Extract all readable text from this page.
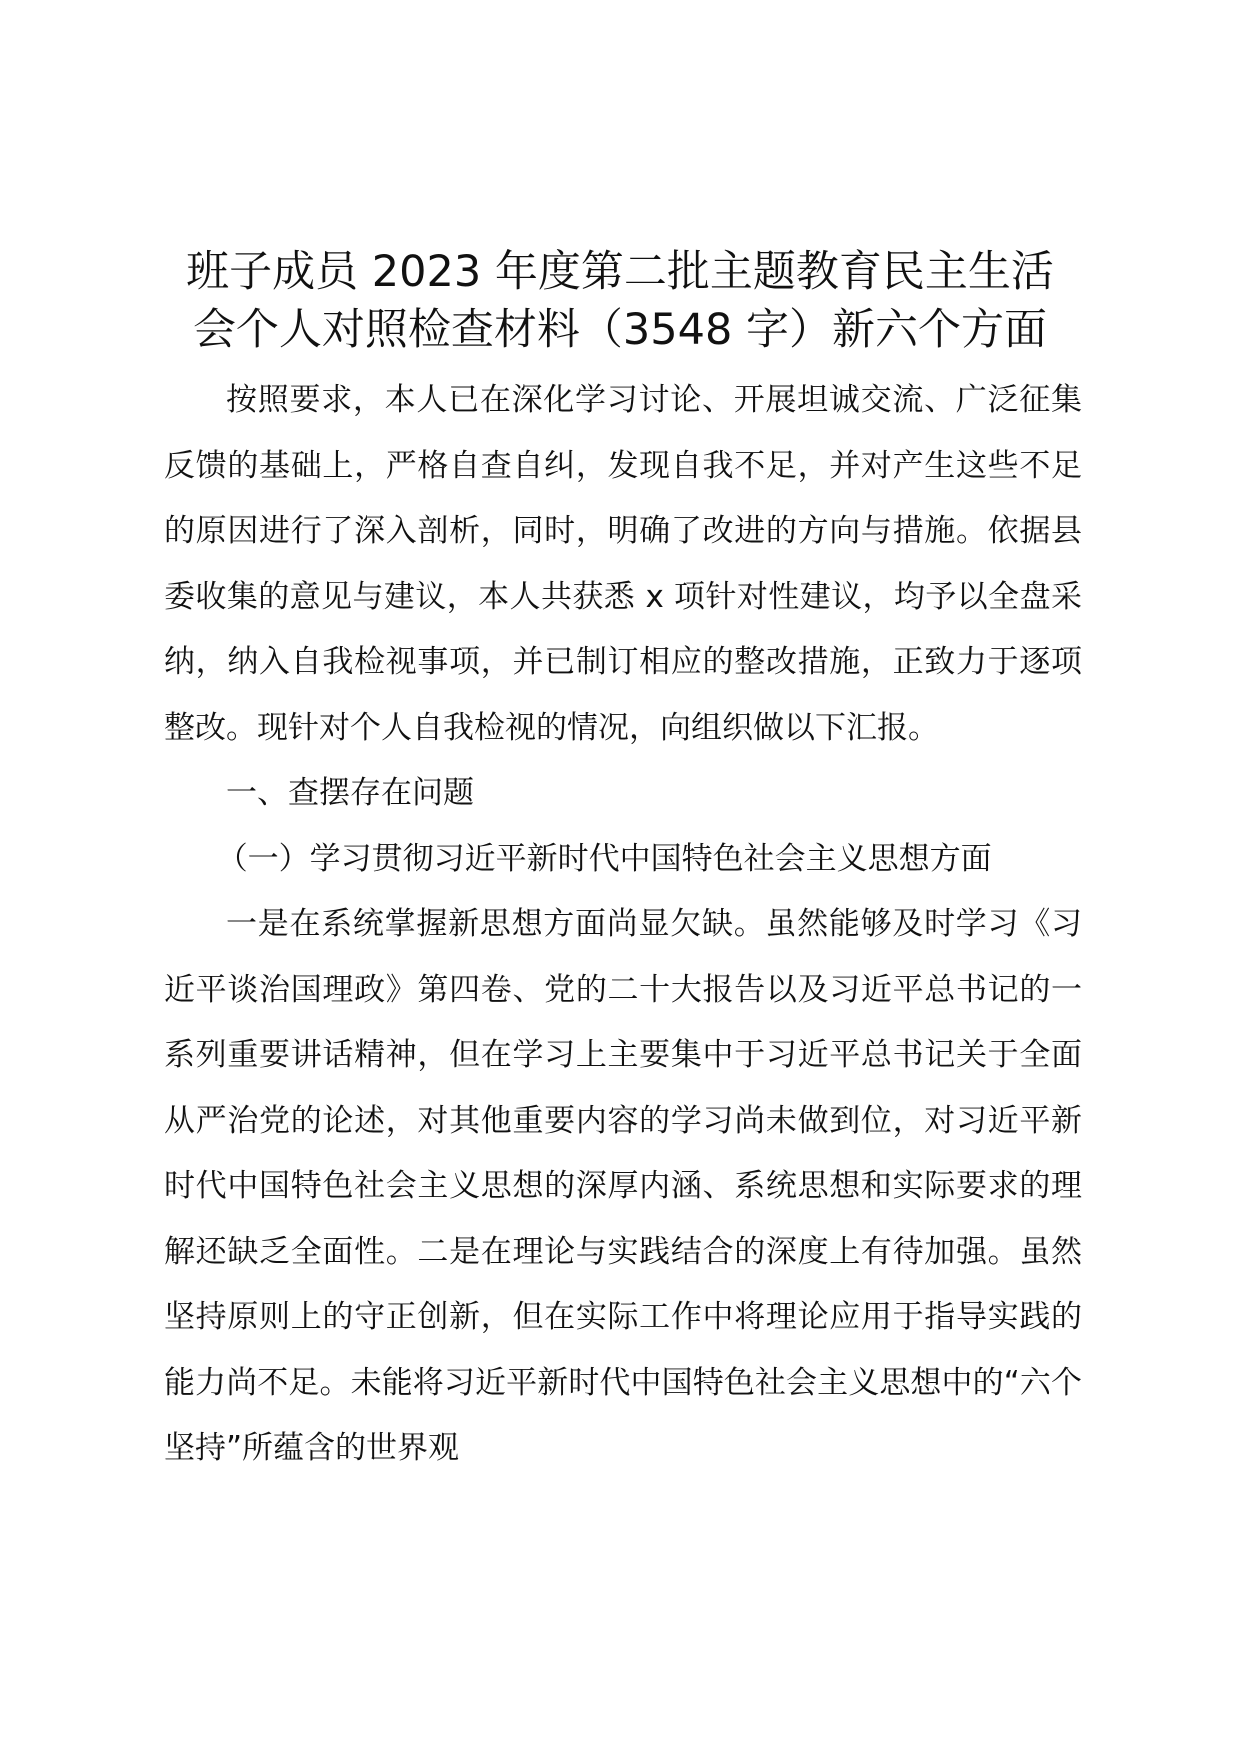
班子成员 2023 年度第二批主题教育民主生活
会个人对照检查材料（3548 字）新六个方面

按照要求，本人已在深化学习讨论、开展坦诚交流、广泛征集反馈的基础上，严格自查自纠，发现自我不足，并对产生这些不足的原因进行了深入剖析，同时，明确了改进的方向与措施。依据县委收集的意见与建议，本人共获悉 x 项针对性建议，均予以全盘采纳，纳入自我检视事项，并已制订相应的整改措施，正致力于逐项整改。现针对个人自我检视的情况，向组织做以下汇报。

一、查摆存在问题

（一）学习贯彻习近平新时代中国特色社会主义思想方面

一是在系统掌握新思想方面尚显欠缺。虽然能够及时学习《习近平谈治国理政》第四卷、党的二十大报告以及习近平总书记的一系列重要讲话精神，但在学习上主要集中于习近平总书记关于全面从严治党的论述，对其他重要内容的学习尚未做到位，对习近平新时代中国特色社会主义思想的深厚内涵、系统思想和实际要求的理解还缺乏全面性。二是在理论与实践结合的深度上有待加强。虽然坚持原则上的守正创新，但在实际工作中将理论应用于指导实践的能力尚不足。未能将习近平新时代中国特色社会主义思想中的“六个坚持”所蕴含的世界观
